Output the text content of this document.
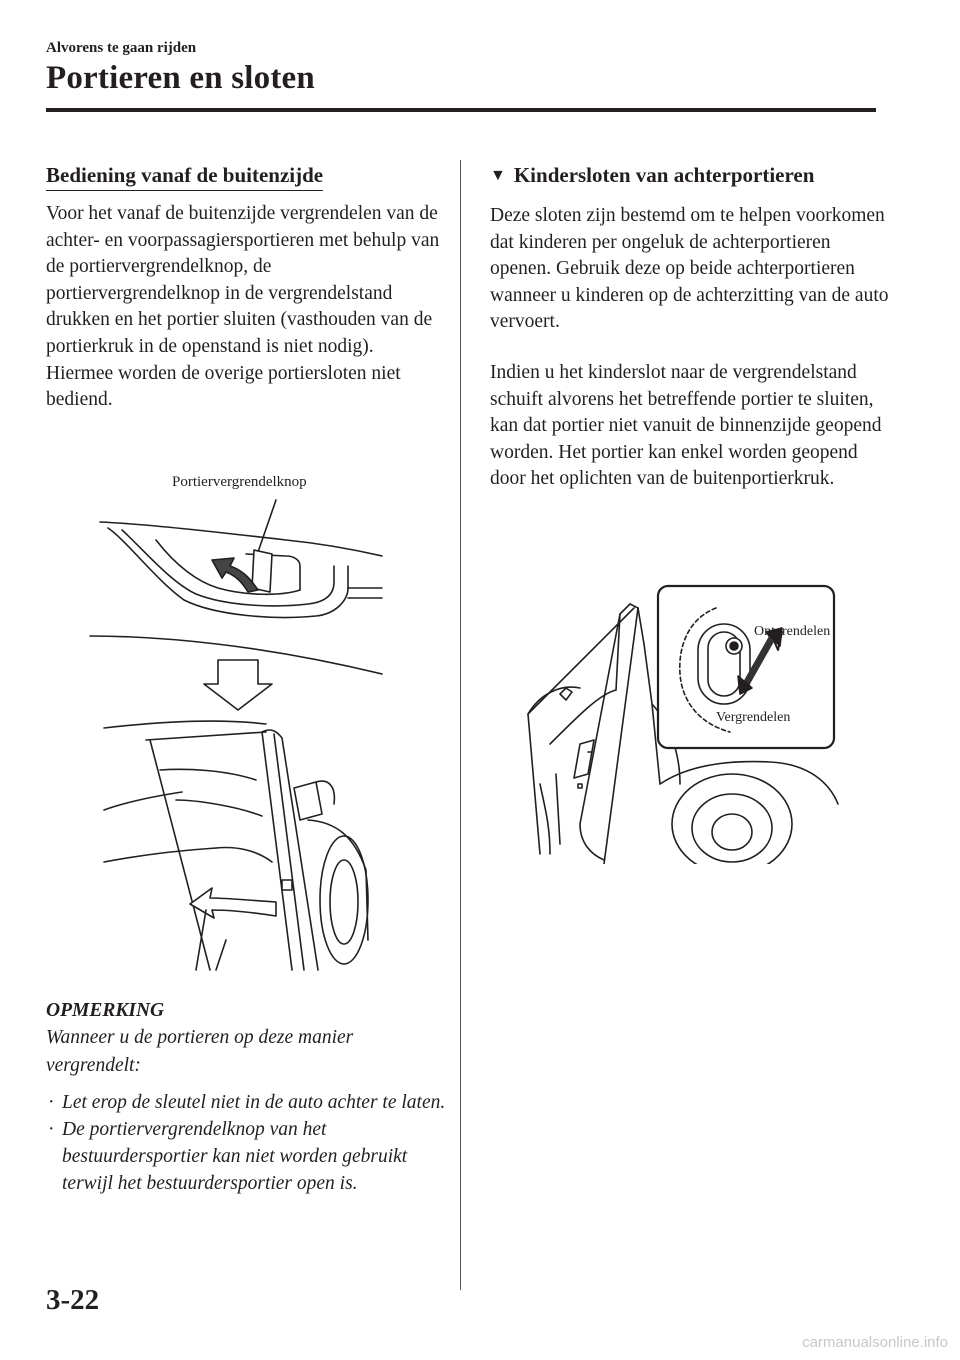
Alvorens te gaan rijden
Portieren en sloten
Bediening vanaf de buitenzijde

Voor het vanaf de buitenzijde vergrendelen van de achter- en voorpassagiersportieren met behulp van de portiervergrendelknop, de portiervergrendelknop in de vergrendelstand drukken en het portier sluiten (vasthouden van de portierkruk in de openstand is niet nodig).

Hiermee worden de overige portiersloten niet bediend.

Portiervergrendelknop
OPMERKING

Wanneer u de portieren op deze manier vergrendelt:

· Let erop de sleutel niet in de auto achter te laten.
· De portiervergrendelknop van het bestuurdersportier kan niet worden gebruikt terwijl het bestuurdersportier open is.
▼ Kindersloten van achterportieren

Deze sloten zijn bestemd om te helpen voorkomen dat kinderen per ongeluk de achterportieren openen. Gebruik deze op beide achterportieren wanneer u kinderen op de achterzitting van de auto vervoert.

Indien u het kinderslot naar de vergrendelstand schuift alvorens het betreffende portier te sluiten, kan dat portier niet vanuit de binnenzijde geopend worden. Het portier kan enkel worden geopend door het oplichten van de buitenportierkruk.

Ontgrendelen
Vergrendelen
3-22
carmanualsonline.info
